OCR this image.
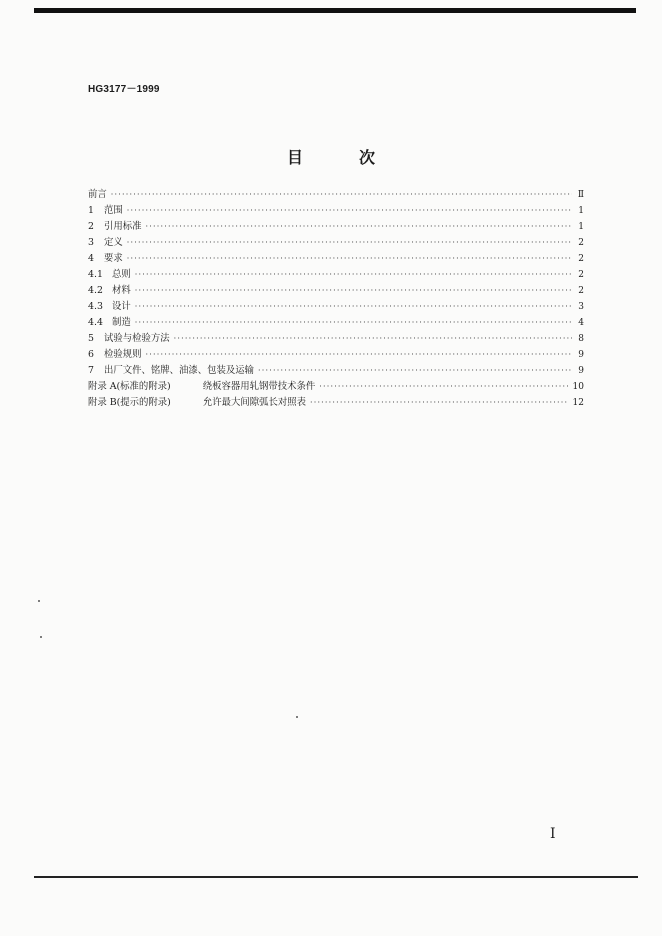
HG3177－1999
目	次
前言 ·····	Ⅱ
1	范围 ·····	1
2	引用标准 ·····	1
3	定义 ·····	2
4	要求 ·····	2
4.1 总则 ·····	2
4.2 材料 ·····	2
4.3 设计 ·····	3
4.4 制造 ·····	4
5	试验与检验方法 ·····	8
6	检验规则 ·····	9
7	出厂文件、铭牌、油漆、包装及运输 ·····	9
附录 A(标准的附录)	绕板容器用轧钢带技术条件 ·····	10
附录 B(提示的附录)	允许最大间隙弧长对照表 ·····	12
I
